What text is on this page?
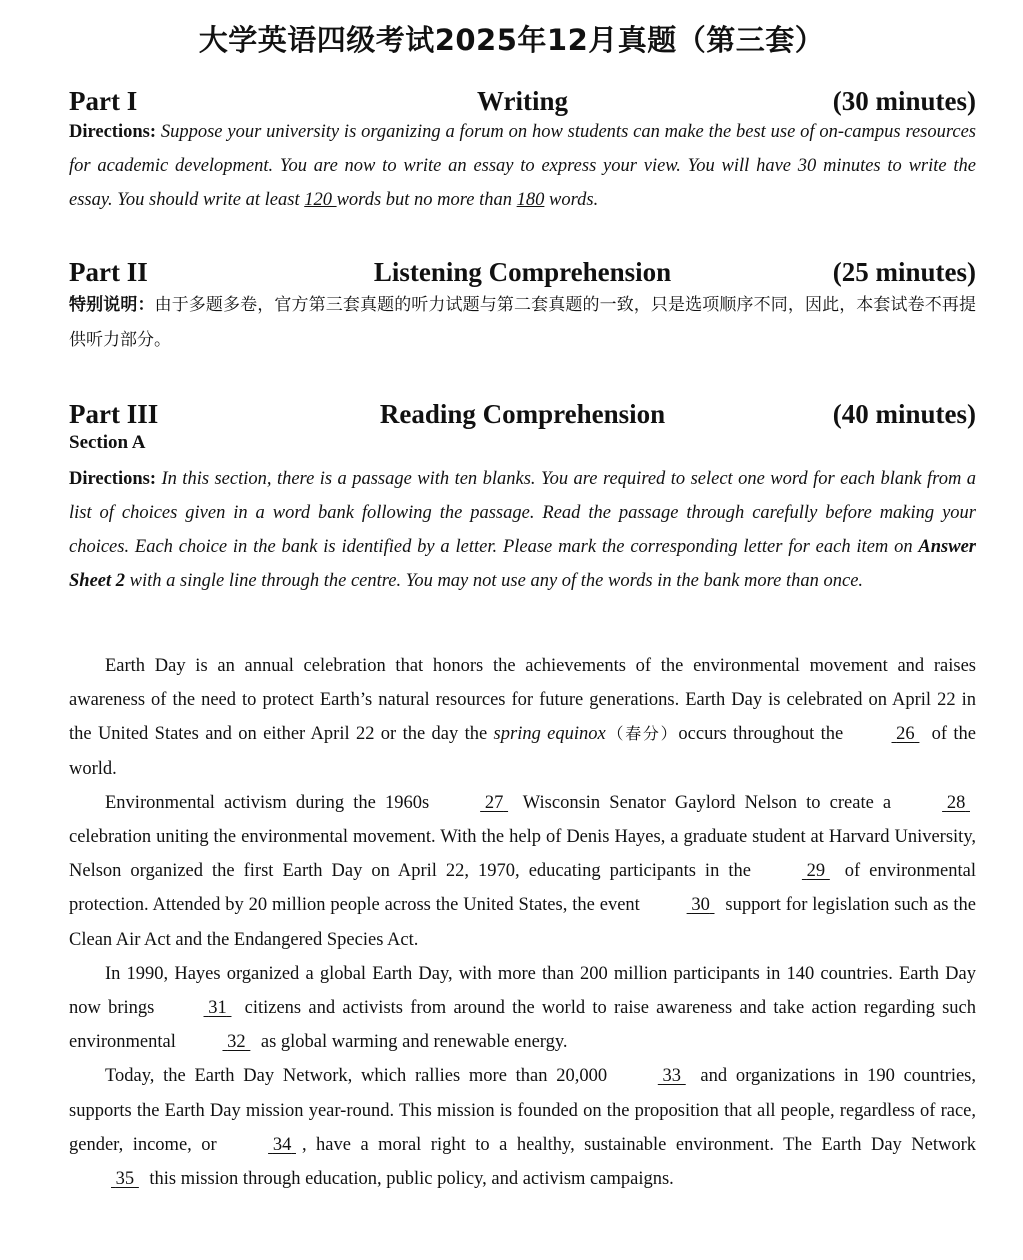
大学英语四级考试2025年12月真题（第三套）
Writing
Part I	(30 minutes)

Directions: Suppose your university is organizing a forum on how students can make the best use of on-campus resources for academic development. You are now to write an essay to express your view. You will have 30 minutes to write the essay. You should write at least 120 words but no more than 180 words.

Listening Comprehension
Part II	(25 minutes)

特别说明：由于多题多卷，官方第三套真题的听力试题与第二套真题的一致，只是选项顺序不同，因此，本套试卷不再提供听力部分。

Reading Comprehension
Part III	(40 minutes)
Section A

Directions: In this section, there is a passage with ten blanks. You are required to select one word for each blank from a list of choices given in a word bank following the passage. Read the passage through carefully before making your choices. Each choice in the bank is identified by a letter. Please mark the corresponding letter for each item on Answer Sheet 2 with a single line through the centre. You may not use any of the words in the bank more than once.

Earth Day is an annual celebration that honors the achievements of the environmental movement and raises awareness of the need to protect Earth’s natural resources for future generations. Earth Day is celebrated on April 22 in the United States and on either April 22 or the day the spring equinox（春分）occurs throughout the	26 of the world.

Environmental activism during the 1960s	27 Wisconsin Senator Gaylord Nelson to create a	28 celebration uniting the environmental movement. With the help of Denis Hayes, a graduate student at Harvard University, Nelson organized the first Earth Day on April 22, 1970, educating participants in the	29 of environmental protection. Attended by 20 million people across the United States, the event	30 support for legislation such as the Clean Air Act and the Endangered Species Act.

In 1990, Hayes organized a global Earth Day, with more than 200 million participants in 140 countries. Earth Day now brings	31 citizens and activists from around the world to raise awareness and take action regarding such environmental	32 as global warming and renewable energy.

Today, the Earth Day Network, which rallies more than 20,000	33 and organizations in 190 countries, supports the Earth Day mission year-round. This mission is founded on the proposition that all people, regardless of race, gender, income, or	34 , have a moral right to a healthy, sustainable environment. The Earth Day Network 35 this mission through education, public policy, and activism campaigns.
